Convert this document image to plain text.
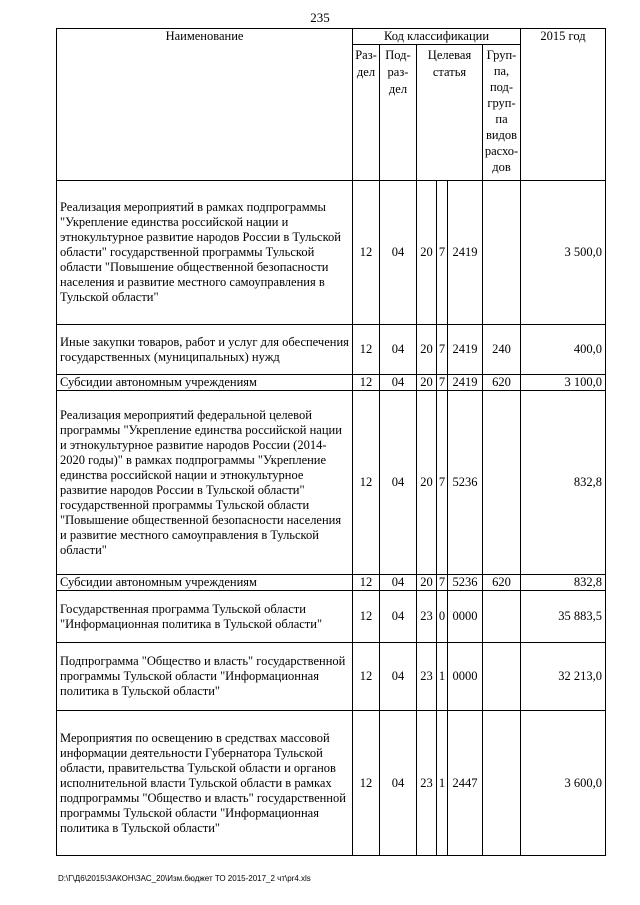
235
Наименование	Код классификации						2015 год

	Раз-дел	Под-раз-дел	Целевая статья			Груп-па, под-груп-па видов расхо-дов	

Реализация мероприятий в рамках подпрограммы "Укрепление единства российской нации и этнокультурное развитие народов России в Тульской области" государственной программы Тульской области "Повышение общественной безопасности населения и развитие местного самоуправления в Тульской области"	12	04	20	7	2419		3 500,0
Иные закупки товаров, работ и услуг для обеспечения государственных (муниципальных) нужд	12	04	20	7	2419	240	400,0
Субсидии автономным учреждениям	12	04	20	7	2419	620	3 100,0
Реализация мероприятий федеральной целевой программы "Укрепление единства российской нации и этнокультурное развитие народов России (2014-2020 годы)" в рамках подпрограммы "Укрепление единства российской нации и этнокультурное развитие народов России в Тульской области" государственной программы Тульской области "Повышение общественной безопасности населения и развитие местного самоуправления в Тульской области"	12	04	20	7	5236		832,8
Субсидии автономным учреждениям	12	04	20	7	5236	620	832,8
Государственная программа Тульской области "Информационная политика в Тульской области"	12	04	23	0	0000		35 883,5
Подпрограмма "Общество и власть" государственной программы Тульской области "Информационная политика в Тульской области"	12	04	23	1	0000		32 213,0
Мероприятия по освещению в средствах массовой информации деятельности Губернатора Тульской области, правительства Тульской области и органов исполнительной власти Тульской области в рамках подпрограммы "Общество и власть" государственной программы Тульской области "Информационная политика в Тульской области"	12	04	23	1	2447		3 600,0
D:\Г\Д6\2015\ЗАКОН\ЗАС_20\Изм.бюджет ТО 2015-2017_2 чт\pr4.xls
